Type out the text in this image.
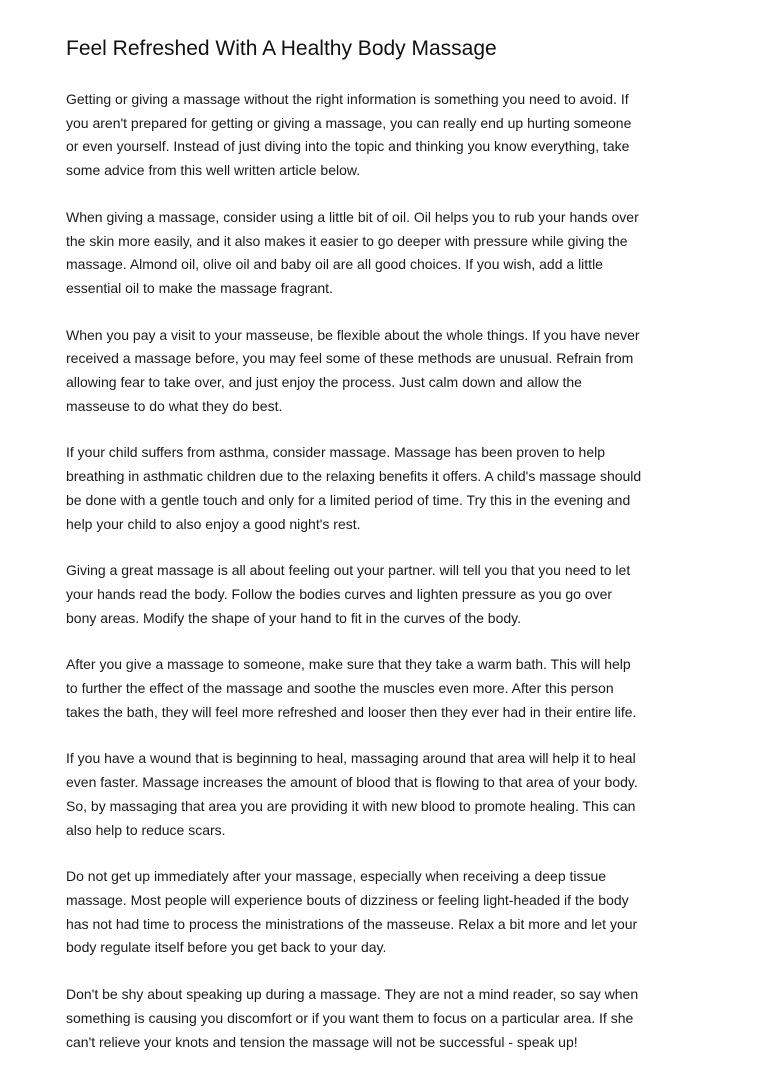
Feel Refreshed With A Healthy Body Massage

Getting or giving a massage without the right information is something you need to avoid. If
you aren't prepared for getting or giving a massage, you can really end up hurting someone
or even yourself. Instead of just diving into the topic and thinking you know everything, take
some advice from this well written article below.

When giving a massage, consider using a little bit of oil. Oil helps you to rub your hands over
the skin more easily, and it also makes it easier to go deeper with pressure while giving the
massage. Almond oil, olive oil and baby oil are all good choices. If you wish, add a little
essential oil to make the massage fragrant.

When you pay a visit to your masseuse, be flexible about the whole things. If you have never
received a massage before, you may feel some of these methods are unusual. Refrain from
allowing fear to take over, and just enjoy the process. Just calm down and allow the
masseuse to do what they do best.

If your child suffers from asthma, consider massage. Massage has been proven to help
breathing in asthmatic children due to the relaxing benefits it offers. A child's massage should
be done with a gentle touch and only for a limited period of time. Try this in the evening and
help your child to also enjoy a good night's rest.

Giving a great massage is all about feeling out your partner. will tell you that you need to let
your hands read the body. Follow the bodies curves and lighten pressure as you go over
bony areas. Modify the shape of your hand to fit in the curves of the body.

After you give a massage to someone, make sure that they take a warm bath. This will help
to further the effect of the massage and soothe the muscles even more. After this person
takes the bath, they will feel more refreshed and looser then they ever had in their entire life.

If you have a wound that is beginning to heal, massaging around that area will help it to heal
even faster. Massage increases the amount of blood that is flowing to that area of your body.
So, by massaging that area you are providing it with new blood to promote healing. This can
also help to reduce scars.

Do not get up immediately after your massage, especially when receiving a deep tissue
massage. Most people will experience bouts of dizziness or feeling light-headed if the body
has not had time to process the ministrations of the masseuse. Relax a bit more and let your
body regulate itself before you get back to your day.

Don't be shy about speaking up during a massage. They are not a mind reader, so say when
something is causing you discomfort or if you want them to focus on a particular area. If she
can't relieve your knots and tension the massage will not be successful - speak up!
